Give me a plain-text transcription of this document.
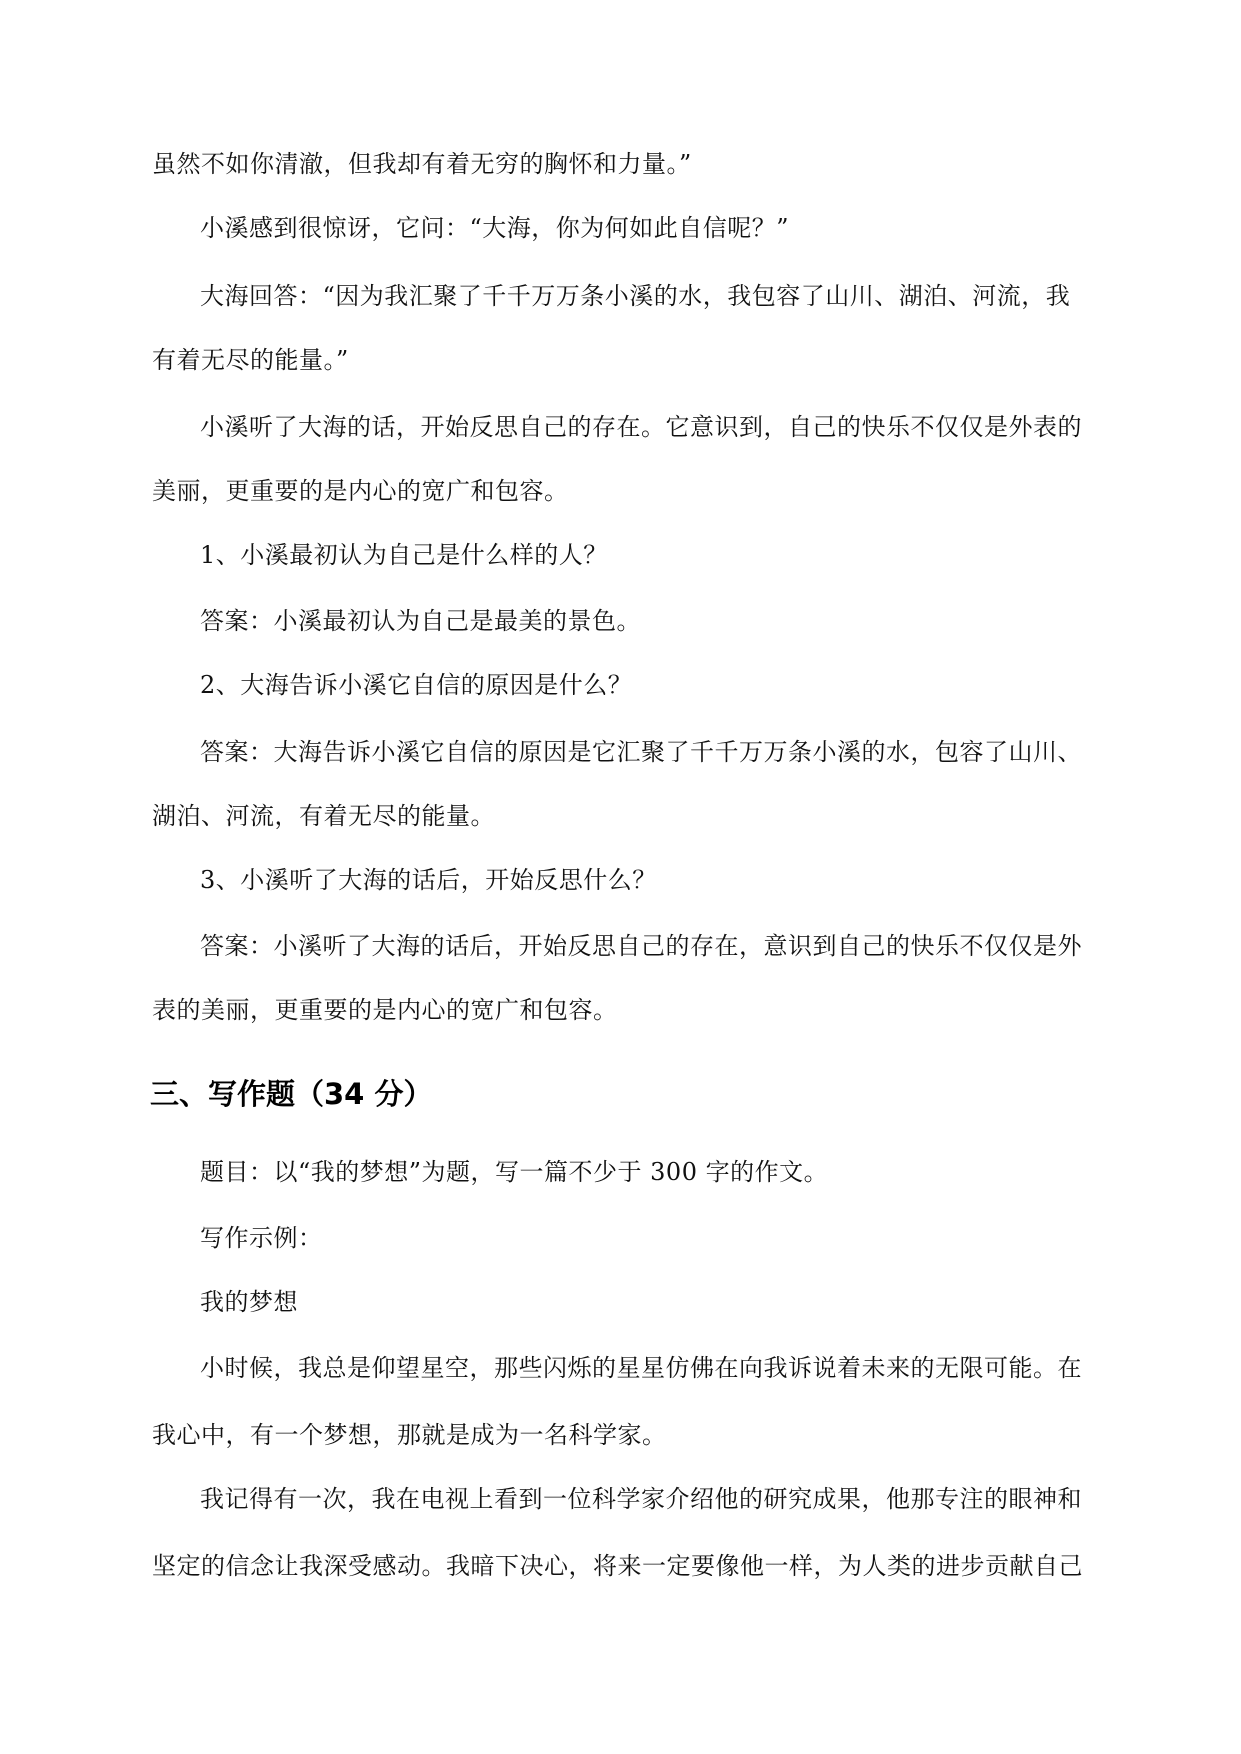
虽然不如你清澈，但我却有着无穷的胸怀和力量。”
小溪感到很惊讶，它问：“大海，你为何如此自信呢？”
大海回答：“因为我汇聚了千千万万条小溪的水，我包容了山川、湖泊、河流，我
有着无尽的能量。”
小溪听了大海的话，开始反思自己的存在。它意识到，自己的快乐不仅仅是外表的
美丽，更重要的是内心的宽广和包容。
1、小溪最初认为自己是什么样的人？
答案：小溪最初认为自己是最美的景色。
2、大海告诉小溪它自信的原因是什么？
答案：大海告诉小溪它自信的原因是它汇聚了千千万万条小溪的水，包容了山川、
湖泊、河流，有着无尽的能量。
3、小溪听了大海的话后，开始反思什么？
答案：小溪听了大海的话后，开始反思自己的存在，意识到自己的快乐不仅仅是外
表的美丽，更重要的是内心的宽广和包容。
三、写作题（34 分）
题目：以“我的梦想”为题，写一篇不少于 300 字的作文。
写作示例：
我的梦想
小时候，我总是仰望星空，那些闪烁的星星仿佛在向我诉说着未来的无限可能。在
我心中，有一个梦想，那就是成为一名科学家。
我记得有一次，我在电视上看到一位科学家介绍他的研究成果，他那专注的眼神和
坚定的信念让我深受感动。我暗下决心，将来一定要像他一样，为人类的进步贡献自己
